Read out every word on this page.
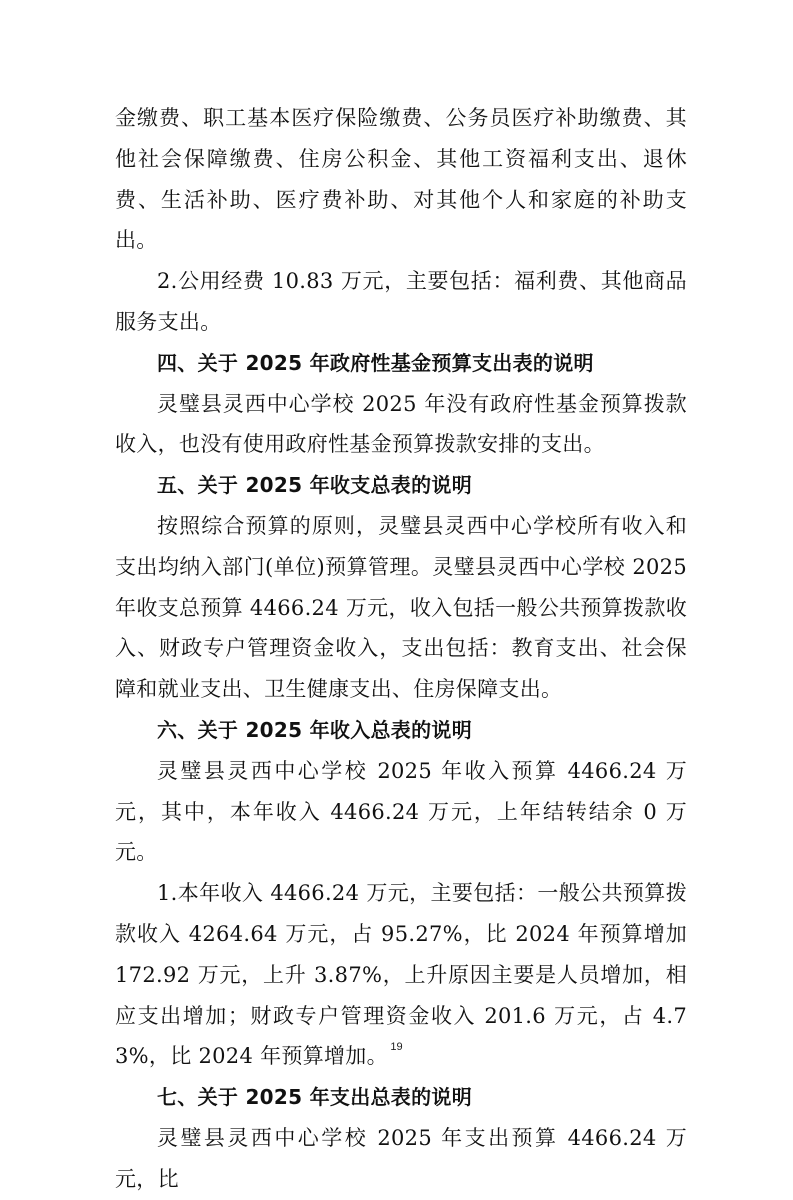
金缴费、职工基本医疗保险缴费、公务员医疗补助缴费、其他社会保障缴费、住房公积金、其他工资福利支出、退休费、生活补助、医疗费补助、对其他个人和家庭的补助支出。

2.公用经费 10.83 万元，主要包括：福利费、其他商品服务支出。

四、关于 2025 年政府性基金预算支出表的说明

灵璧县灵西中心学校 2025 年没有政府性基金预算拨款收入，也没有使用政府性基金预算拨款安排的支出。

五、关于 2025 年收支总表的说明

按照综合预算的原则，灵璧县灵西中心学校所有收入和支出均纳入部门(单位)预算管理。灵璧县灵西中心学校 2025 年收支总预算 4466.24 万元，收入包括一般公共预算拨款收入、财政专户管理资金收入，支出包括：教育支出、社会保障和就业支出、卫生健康支出、住房保障支出。

六、关于 2025 年收入总表的说明

灵璧县灵西中心学校 2025 年收入预算 4466.24 万元，其中，本年收入 4466.24 万元，上年结转结余 0 万元。

1.本年收入 4466.24 万元，主要包括：一般公共预算拨款收入 4264.64 万元，占 95.27%，比 2024 年预算增加 172.92 万元，上升 3.87%，上升原因主要是人员增加，相应支出增加；财政专户管理资金收入 201.6 万元，占 4.73%，比 2024 年预算增加。

七、关于 2025 年支出总表的说明

灵璧县灵西中心学校 2025 年支出预算 4466.24 万元，比

19
